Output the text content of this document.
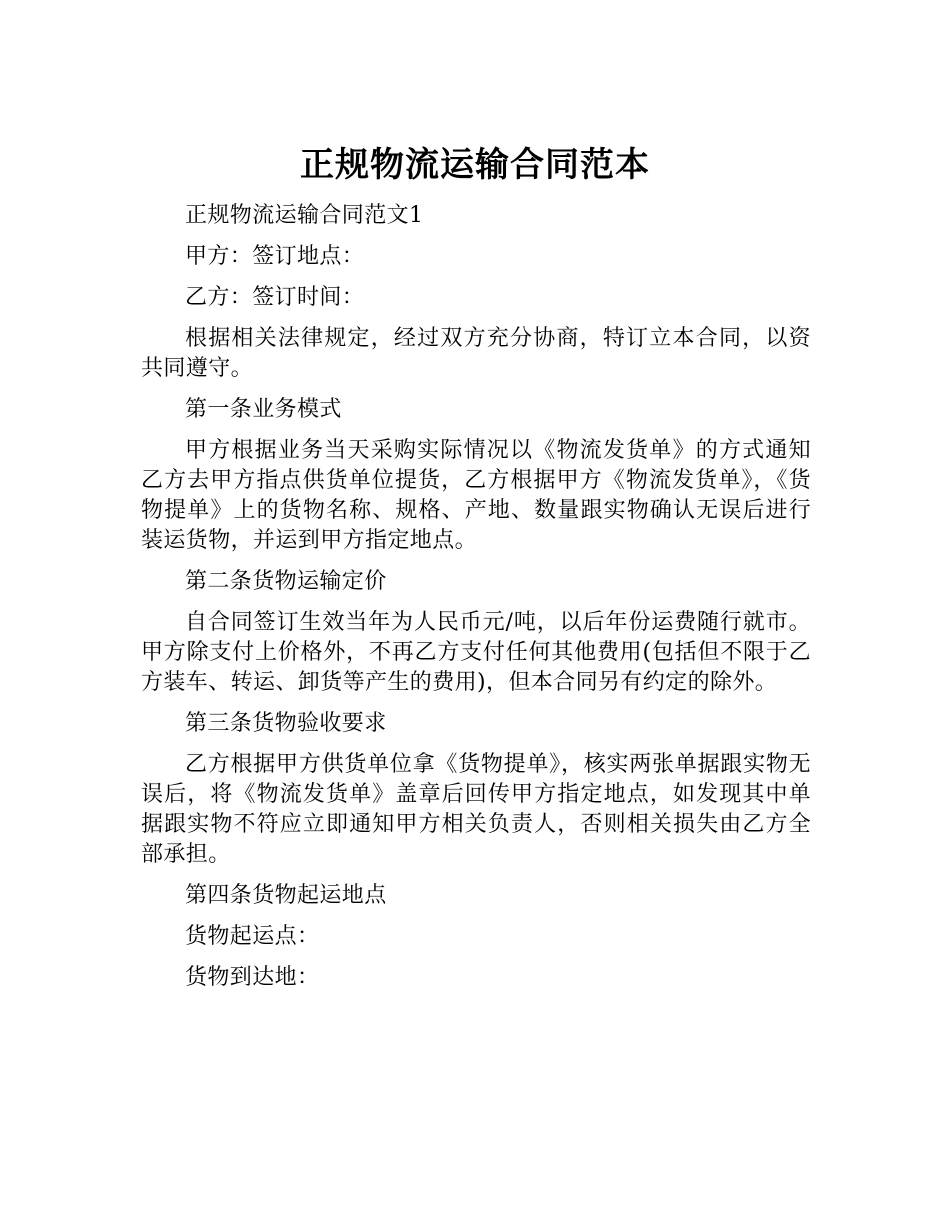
正规物流运输合同范本

正规物流运输合同范文1

甲方：签订地点：

乙方：签订时间：

根据相关法律规定，经过双方充分协商，特订立本合同，以资共同遵守。

第一条业务模式

甲方根据业务当天采购实际情况以《物流发货单》的方式通知乙方去甲方指点供货单位提货，乙方根据甲方《物流发货单》，《货物提单》上的货物名称、规格、产地、数量跟实物确认无误后进行装运货物，并运到甲方指定地点。

第二条货物运输定价

自合同签订生效当年为人民币元/吨，以后年份运费随行就市。甲方除支付上价格外，不再乙方支付任何其他费用(包括但不限于乙方装车、转运、卸货等产生的费用)，但本合同另有约定的除外。

第三条货物验收要求

乙方根据甲方供货单位拿《货物提单》，核实两张单据跟实物无误后，将《物流发货单》盖章后回传甲方指定地点，如发现其中单据跟实物不符应立即通知甲方相关负责人，否则相关损失由乙方全部承担。

第四条货物起运地点

货物起运点：

货物到达地：
